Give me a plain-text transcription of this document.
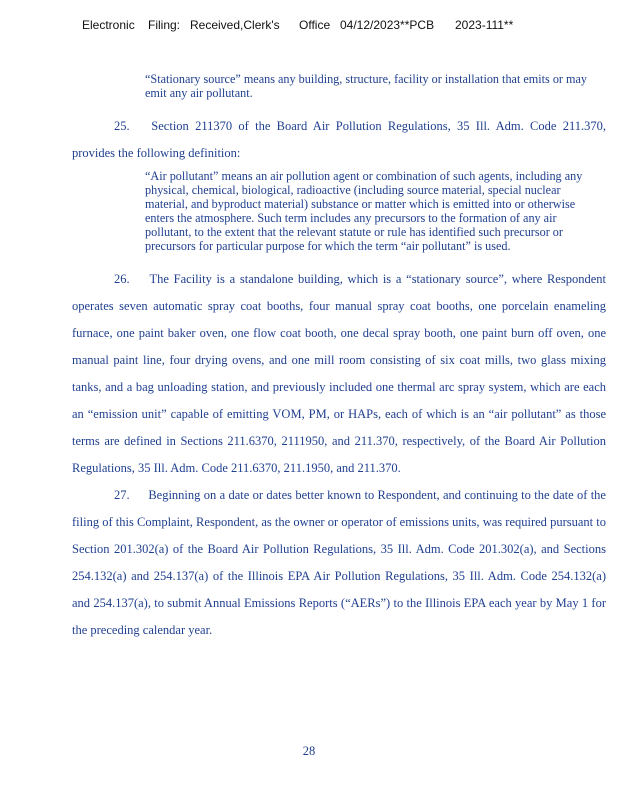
Electronic Filing: Received,Clerk's Office 04/12/2023**PCB 2023-111**
“Stationary source” means any building, structure, facility or installation that emits or may emit any air pollutant.

25. Section 211370 of the Board Air Pollution Regulations, 35 Ill. Adm. Code 211.370, provides the following definition:

“Air pollutant” means an air pollution agent or combination of such agents, including any physical, chemical, biological, radioactive (including source material, special nuclear material, and byproduct material) substance or matter which is emitted into or otherwise enters the atmosphere. Such term includes any precursors to the formation of any air pollutant, to the extent that the relevant statute or rule has identified such precursor or precursors for particular purpose for which the term “air pollutant” is used.

26. The Facility is a standalone building, which is a “stationary source”, where Respondent operates seven automatic spray coat booths, four manual spray coat booths, one porcelain enameling furnace, one paint baker oven, one flow coat booth, one decal spray booth, one paint burn off oven, one manual paint line, four drying ovens, and one mill room consisting of six coat mills, two glass mixing tanks, and a bag unloading station, and previously included one thermal arc spray system, which are each an “emission unit” capable of emitting VOM, PM, or HAPs, each of which is an “air pollutant” as those terms are defined in Sections 211.6370, 2111950, and 211.370, respectively, of the Board Air Pollution Regulations, 35 Ill. Adm. Code 211.6370, 211.1950, and 211.370.

27. Beginning on a date or dates better known to Respondent, and continuing to the date of the filing of this Complaint, Respondent, as the owner or operator of emissions units, was required pursuant to Section 201.302(a) of the Board Air Pollution Regulations, 35 Ill. Adm. Code 201.302(a), and Sections 254.132(a) and 254.137(a) of the Illinois EPA Air Pollution Regulations, 35 Ill. Adm. Code 254.132(a) and 254.137(a), to submit Annual Emissions Reports (“AERs”) to the Illinois EPA each year by May 1 for the preceding calendar year.

28
